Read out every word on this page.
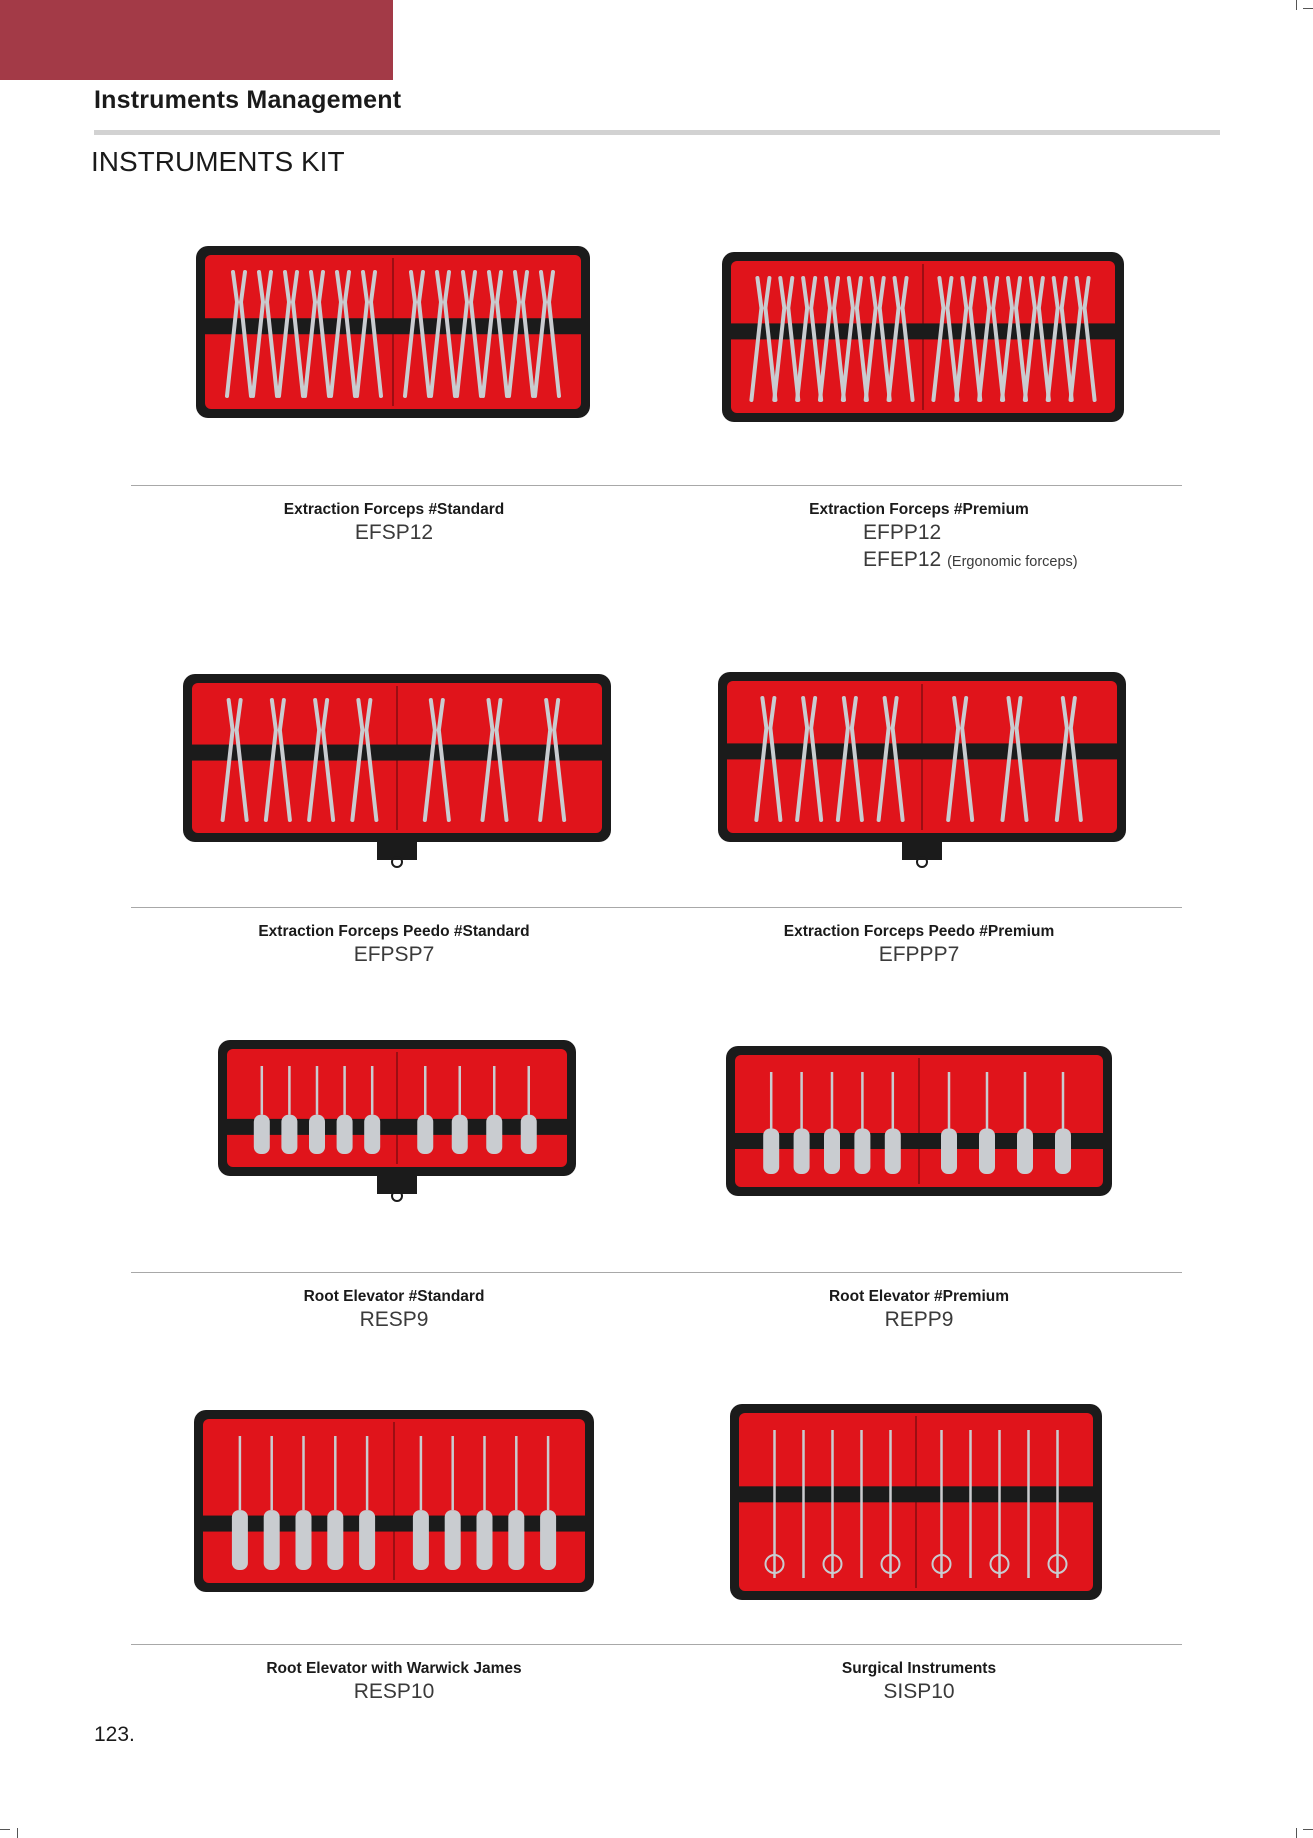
Instruments Management
INSTRUMENTS KIT
Extraction Forceps #Standard
EFSP12
Extraction Forceps #Premium
EFPP12
EFEP12 (Ergonomic forceps)
Extraction Forceps Peedo #Standard
EFPSP7
Extraction Forceps Peedo #Premium
EFPPP7
Root Elevator #Standard
RESP9
Root Elevator #Premium
REPP9
Root Elevator with Warwick James
RESP10
Surgical Instruments
SISP10
123.
